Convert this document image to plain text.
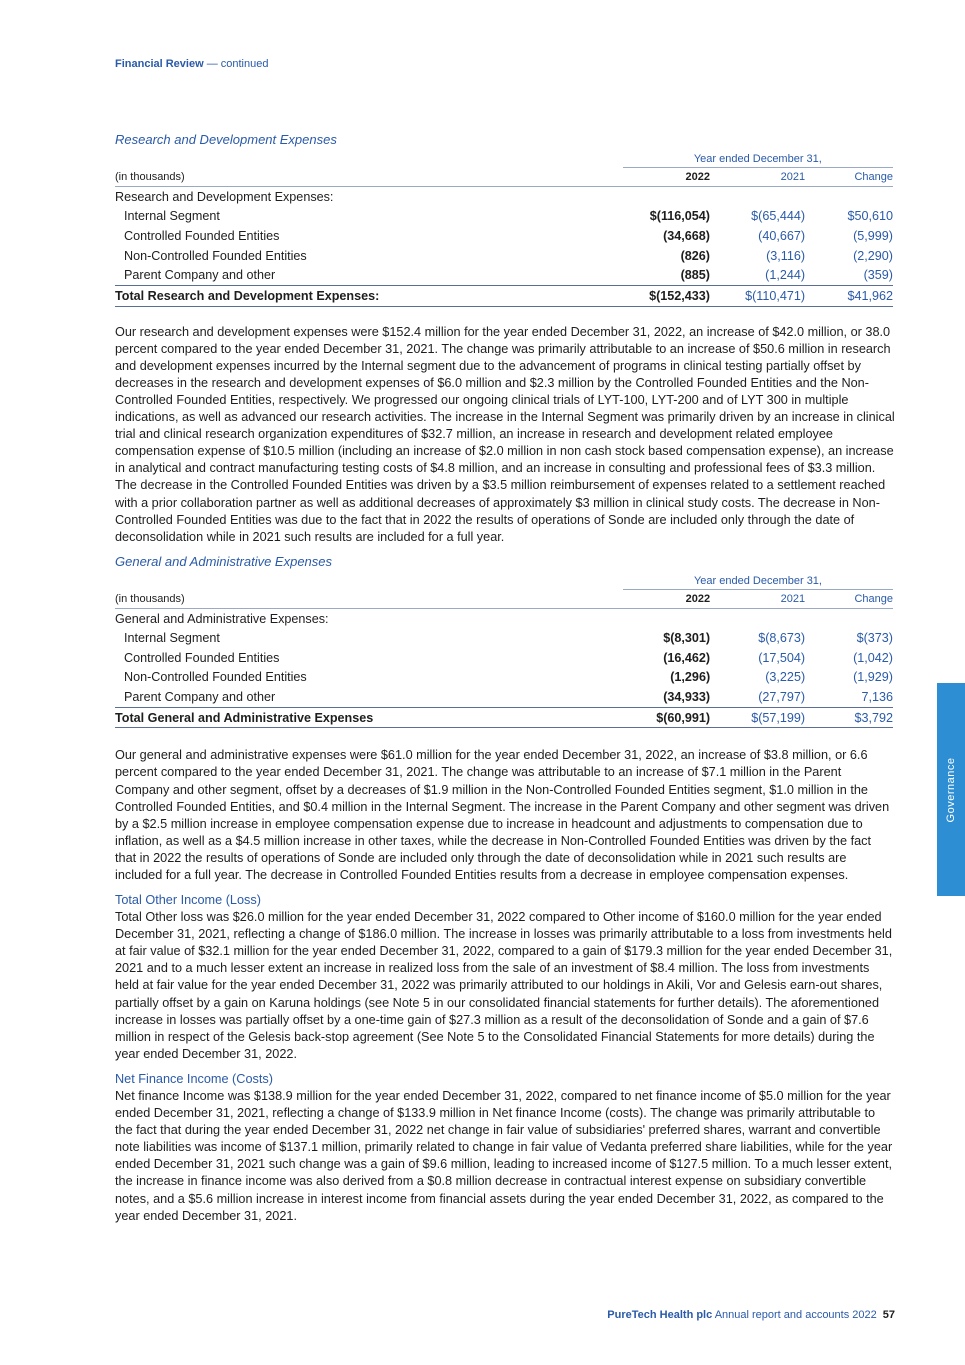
Financial Review — continued
Research and Development Expenses
	Year ended December 31,		
(in thousands)	2022	2021	Change
Research and Development Expenses:			
Internal Segment	$(116,054)	$(65,444)	$50,610
Controlled Founded Entities	(34,668)	(40,667)	(5,999)
Non-Controlled Founded Entities	(826)	(3,116)	(2,290)
Parent Company and other	(885)	(1,244)	(359)
Total Research and Development Expenses:	$(152,433)	$(110,471)	$41,962

Our research and development expenses were $152.4 million for the year ended December 31, 2022, an increase of $42.0 million, or 38.0 percent compared to the year ended December 31, 2021. The change was primarily attributable to an increase of $50.6 million in research and development expenses incurred by the Internal segment due to the advancement of programs in clinical testing partially offset by decreases in the research and development expenses of $6.0 million and $2.3 million by the Controlled Founded Entities and the Non-Controlled Founded Entities, respectively. We progressed our ongoing clinical trials of LYT-100, LYT-200 and of LYT 300 in multiple indications, as well as advanced our research activities. The increase in the Internal Segment was primarily driven by an increase in clinical trial and clinical research organization expenditures of $32.7 million, an increase in research and development related employee compensation expense of $10.5 million (including an increase of $2.0 million in non cash stock based compensation expense), an increase in analytical and contract manufacturing testing costs of $4.8 million, and an increase in consulting and professional fees of $3.3 million. The decrease in the Controlled Founded Entities was driven by a $3.5 million reimbursement of expenses related to a settlement reached with a prior collaboration partner as well as additional decreases of approximately $3 million in clinical study costs. The decrease in Non-Controlled Founded Entities was due to the fact that in 2022 the results of operations of Sonde are included only through the date of deconsolidation while in 2021 such results are included for a full year.

General and Administrative Expenses
	Year ended December 31,		
(in thousands)	2022	2021	Change
General and Administrative Expenses:			
Internal Segment	$(8,301)	$(8,673)	$(373)
Controlled Founded Entities	(16,462)	(17,504)	(1,042)
Non-Controlled Founded Entities	(1,296)	(3,225)	(1,929)
Parent Company and other	(34,933)	(27,797)	7,136
Total General and Administrative Expenses	$(60,991)	$(57,199)	$3,792

Our general and administrative expenses were $61.0 million for the year ended December 31, 2022, an increase of $3.8 million, or 6.6 percent compared to the year ended December 31, 2021. The change was attributable to an increase of $7.1 million in the Parent Company and other segment, offset by a decreases of $1.9 million in the Non-Controlled Founded Entities segment, $1.0 million in the Controlled Founded Entities, and $0.4 million in the Internal Segment. The increase in the Parent Company and other segment was driven by a $2.5 million increase in employee compensation expense due to increase in headcount and adjustments to compensation due to inflation, as well as a $4.5 million increase in other taxes, while the decrease in Non-Controlled Founded Entities was driven by the fact that in 2022 the results of operations of Sonde are included only through the date of deconsolidation while in 2021 such results are included for a full year. The decrease in Controlled Founded Entities results from a decrease in employee compensation expenses.

Total Other Income (Loss)

Total Other loss was $26.0 million for the year ended December 31, 2022 compared to Other income of $160.0 million for the year ended December 31, 2021, reflecting a change of $186.0 million. The increase in losses was primarily attributable to a loss from investments held at fair value of $32.1 million for the year ended December 31, 2022, compared to a gain of $179.3 million for the year ended December 31, 2021 and to a much lesser extent an increase in realized loss from the sale of an investment of $8.4 million. The loss from investments held at fair value for the year ended December 31, 2022 was primarily attributed to our holdings in Akili, Vor and Gelesis earn-out shares, partially offset by a gain on Karuna holdings (see Note 5 in our consolidated financial statements for further details). The aforementioned increase in losses was partially offset by a one-time gain of $27.3 million as a result of the deconsolidation of Sonde and a gain of $7.6 million in respect of the Gelesis back-stop agreement (See Note 5 to the Consolidated Financial Statements for more details) during the year ended December 31, 2022.

Net Finance Income (Costs)

Net finance Income was $138.9 million for the year ended December 31, 2022, compared to net finance income of $5.0 million for the year ended December 31, 2021, reflecting a change of $133.9 million in Net finance Income (costs). The change was primarily attributable to the fact that during the year ended December 31, 2022 net change in fair value of subsidiaries' preferred shares, warrant and convertible note liabilities was income of $137.1 million, primarily related to change in fair value of Vedanta preferred share liabilities, while for the year ended December 31, 2021 such change was a gain of $9.6 million, leading to increased income of $127.5 million. To a much lesser extent, the increase in finance income was also derived from a $0.8 million decrease in contractual interest expense on subsidiary convertible notes, and a $5.6 million increase in interest income from financial assets during the year ended December 31, 2022, as compared to the year ended December 31, 2021.

Governance
PureTech Health plc Annual report and accounts 2022 57
